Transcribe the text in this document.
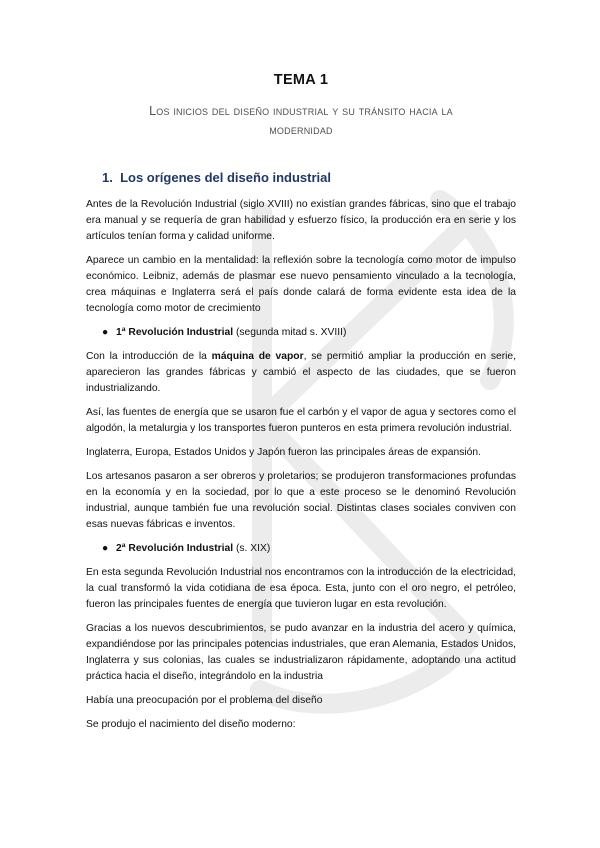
TEMA 1
Los inicios del diseño industrial y su tránsito hacia la
modernidad
1. Los orígenes del diseño industrial
Antes de la Revolución Industrial (siglo XVIII) no existían grandes fábricas, sino que el trabajo era manual y se requería de gran habilidad y esfuerzo físico, la producción era en serie y los artículos tenían forma y calidad uniforme.
Aparece un cambio en la mentalidad: la reflexión sobre la tecnología como motor de impulso económico. Leibniz, además de plasmar ese nuevo pensamiento vinculado a la tecnología, crea máquinas e Inglaterra será el país donde calará de forma evidente esta idea de la tecnología como motor de crecimiento
● 1ª Revolución Industrial (segunda mitad s. XVIII)
Con la introducción de la máquina de vapor, se permitió ampliar la producción en serie, aparecieron las grandes fábricas y cambió el aspecto de las ciudades, que se fueron industrializando.
Así, las fuentes de energía que se usaron fue el carbón y el vapor de agua y sectores como el algodón, la metalurgia y los transportes fueron punteros en esta primera revolución industrial.
Inglaterra, Europa, Estados Unidos y Japón fueron las principales áreas de expansión.
Los artesanos pasaron a ser obreros y proletarios; se produjeron transformaciones profundas en la economía y en la sociedad, por lo que a este proceso se le denominó Revolución industrial, aunque también fue una revolución social. Distintas clases sociales conviven con esas nuevas fábricas e inventos.
● 2ª Revolución Industrial (s. XIX)
En esta segunda Revolución Industrial nos encontramos con la introducción de la electricidad, la cual transformó la vida cotidiana de esa época. Esta, junto con el oro negro, el petróleo, fueron las principales fuentes de energía que tuvieron lugar en esta revolución.
Gracias a los nuevos descubrimientos, se pudo avanzar en la industria del acero y química, expandiéndose por las principales potencias industriales, que eran Alemania, Estados Unidos, Inglaterra y sus colonias, las cuales se industrializaron rápidamente, adoptando una actitud práctica hacia el diseño, integrándolo en la industria
Había una preocupación por el problema del diseño
Se produjo el nacimiento del diseño moderno:
